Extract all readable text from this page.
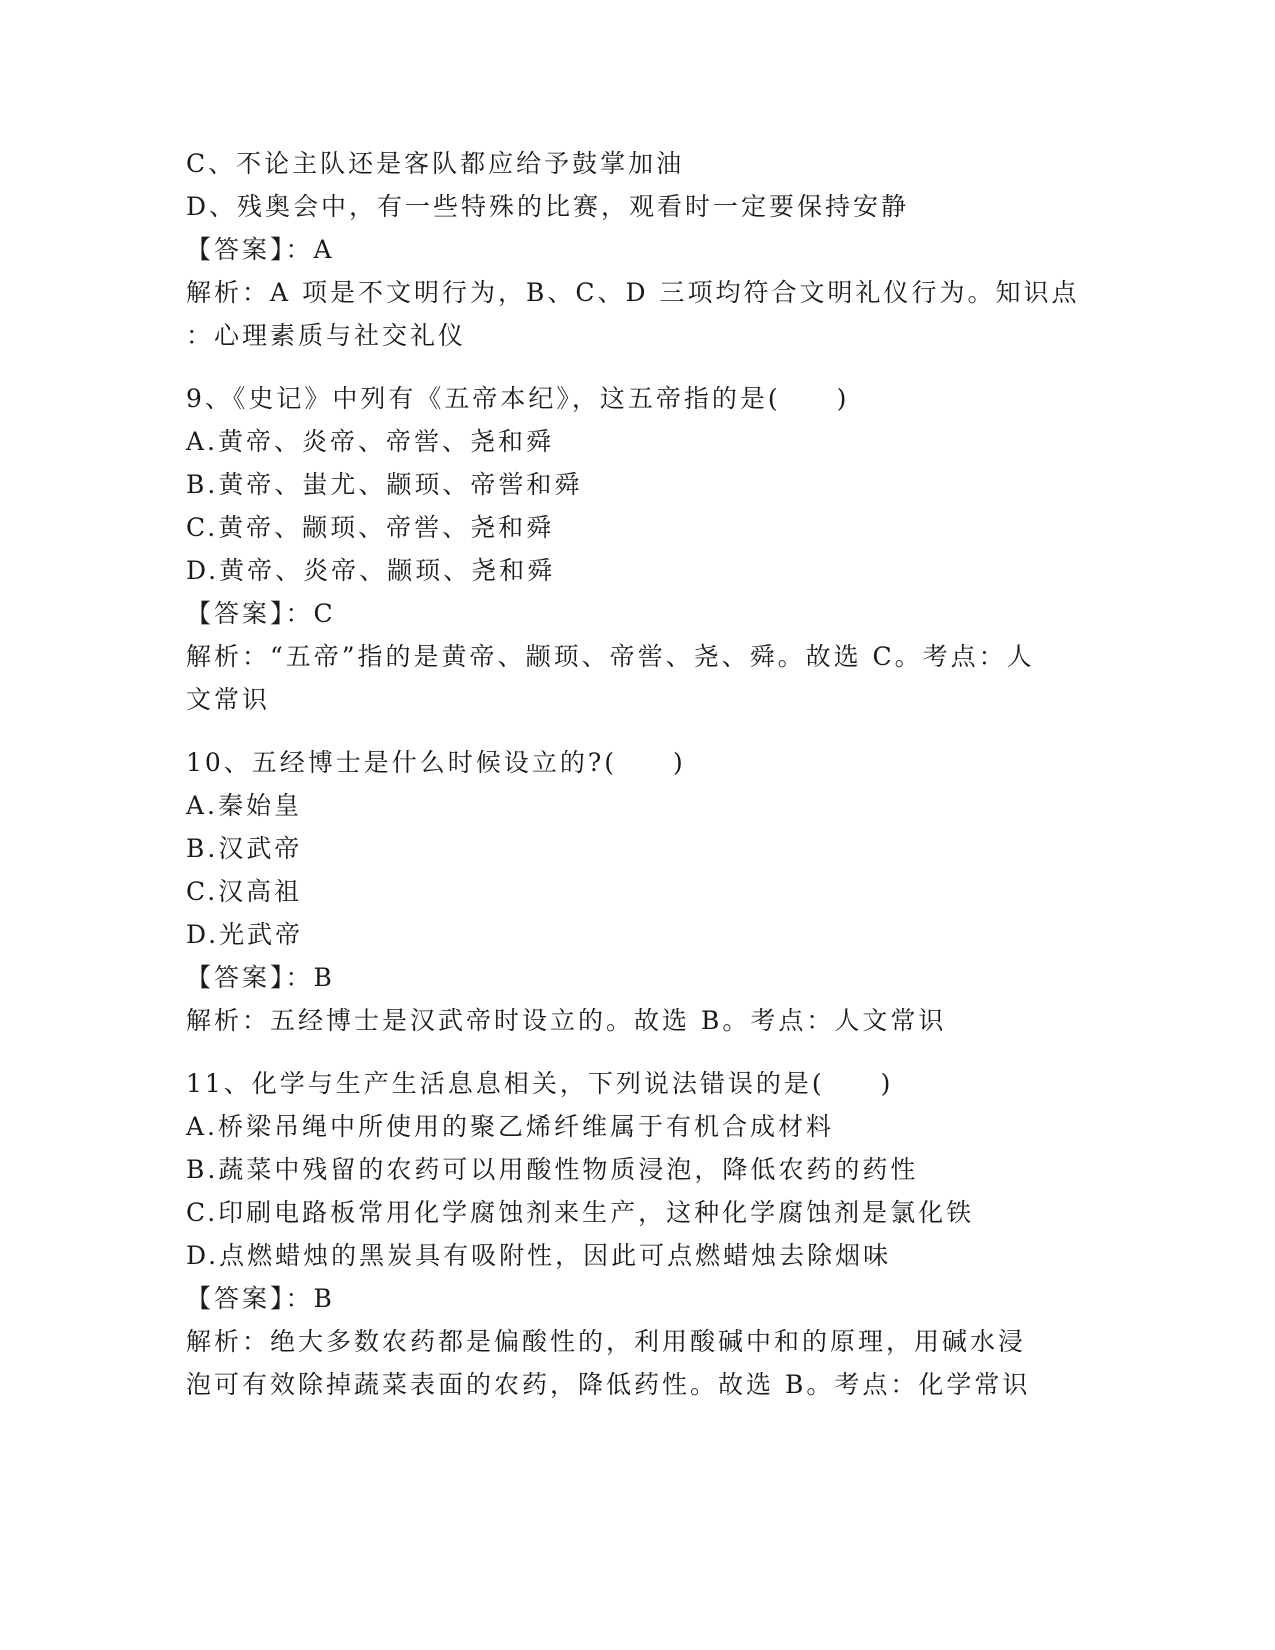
C、不论主队还是客队都应给予鼓掌加油
D、残奥会中，有一些特殊的比赛，观看时一定要保持安静
【答案】：A
解析：A 项是不文明行为，B、C、D 三项均符合文明礼仪行为。知识点
：心理素质与社交礼仪
9、《史记》中列有《五帝本纪》，这五帝指的是(　　)
A.黄帝、炎帝、帝喾、尧和舜
B.黄帝、蚩尤、颛顼、帝喾和舜
C.黄帝、颛顼、帝喾、尧和舜
D.黄帝、炎帝、颛顼、尧和舜
【答案】：C
解析：“五帝”指的是黄帝、颛顼、帝喾、尧、舜。故选 C。考点：人
文常识
10、五经博士是什么时候设立的?(　　)
A.秦始皇
B.汉武帝
C.汉高祖
D.光武帝
【答案】：B
解析：五经博士是汉武帝时设立的。故选 B。考点：人文常识
11、化学与生产生活息息相关，下列说法错误的是(　　)
A.桥梁吊绳中所使用的聚乙烯纤维属于有机合成材料
B.蔬菜中残留的农药可以用酸性物质浸泡，降低农药的药性
C.印刷电路板常用化学腐蚀剂来生产，这种化学腐蚀剂是氯化铁
D.点燃蜡烛的黑炭具有吸附性，因此可点燃蜡烛去除烟味
【答案】：B
解析：绝大多数农药都是偏酸性的，利用酸碱中和的原理，用碱水浸
泡可有效除掉蔬菜表面的农药，降低药性。故选 B。考点：化学常识
